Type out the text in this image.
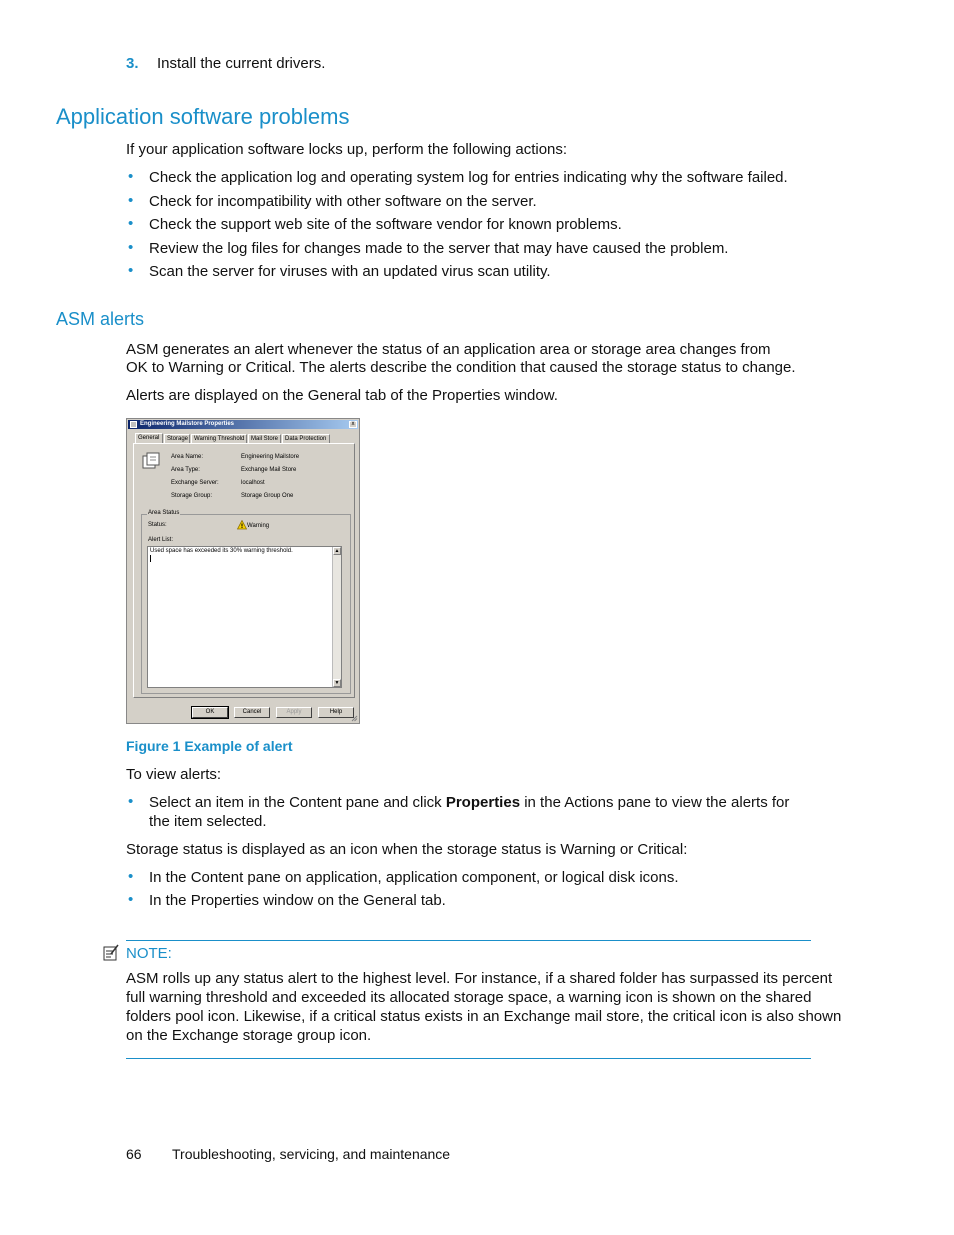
3. Install the current drivers.
Application software problems
If your application software locks up, perform the following actions:
• Check the application log and operating system log for entries indicating why the software failed.
• Check for incompatibility with other software on the server.
• Check the support web site of the software vendor for known problems.
• Review the log files for changes made to the server that may have caused the problem.
• Scan the server for viruses with an updated virus scan utility.
ASM alerts
ASM generates an alert whenever the status of an application area or storage area changes from
OK to Warning or Critical. The alerts describe the condition that caused the storage status to change.
Alerts are displayed on the General tab of the Properties window.
Engineering Mailstore Properties	x
General	Storage Warning Threshold	Mail Store	Data Protection
Area Name:	Engineering Mailstore
Area Type:	Exchange Mail Store
Exchange Server:	localhost
Storage Group:	Storage Group One
Area Status
Status:	Warning
Alert List:
Used space has exceeded its 30% warning threshold.	▲
▼
OK	Cancel	Apply	Help
Figure 1 Example of alert
To view alerts:
• Select an item in the Content pane and click Properties in the Actions pane to view the alerts for
the item selected.
Storage status is displayed as an icon when the storage status is Warning or Critical:
• In the Content pane on application, application component, or logical disk icons.
• In the Properties window on the General tab.
NOTE:
ASM rolls up any status alert to the highest level. For instance, if a shared folder has surpassed its percent
full warning threshold and exceeded its allocated storage space, a warning icon is shown on the shared
folders pool icon. Likewise, if a critical status exists in an Exchange mail store, the critical icon is also shown
on the Exchange storage group icon.
66 Troubleshooting, servicing, and maintenance
